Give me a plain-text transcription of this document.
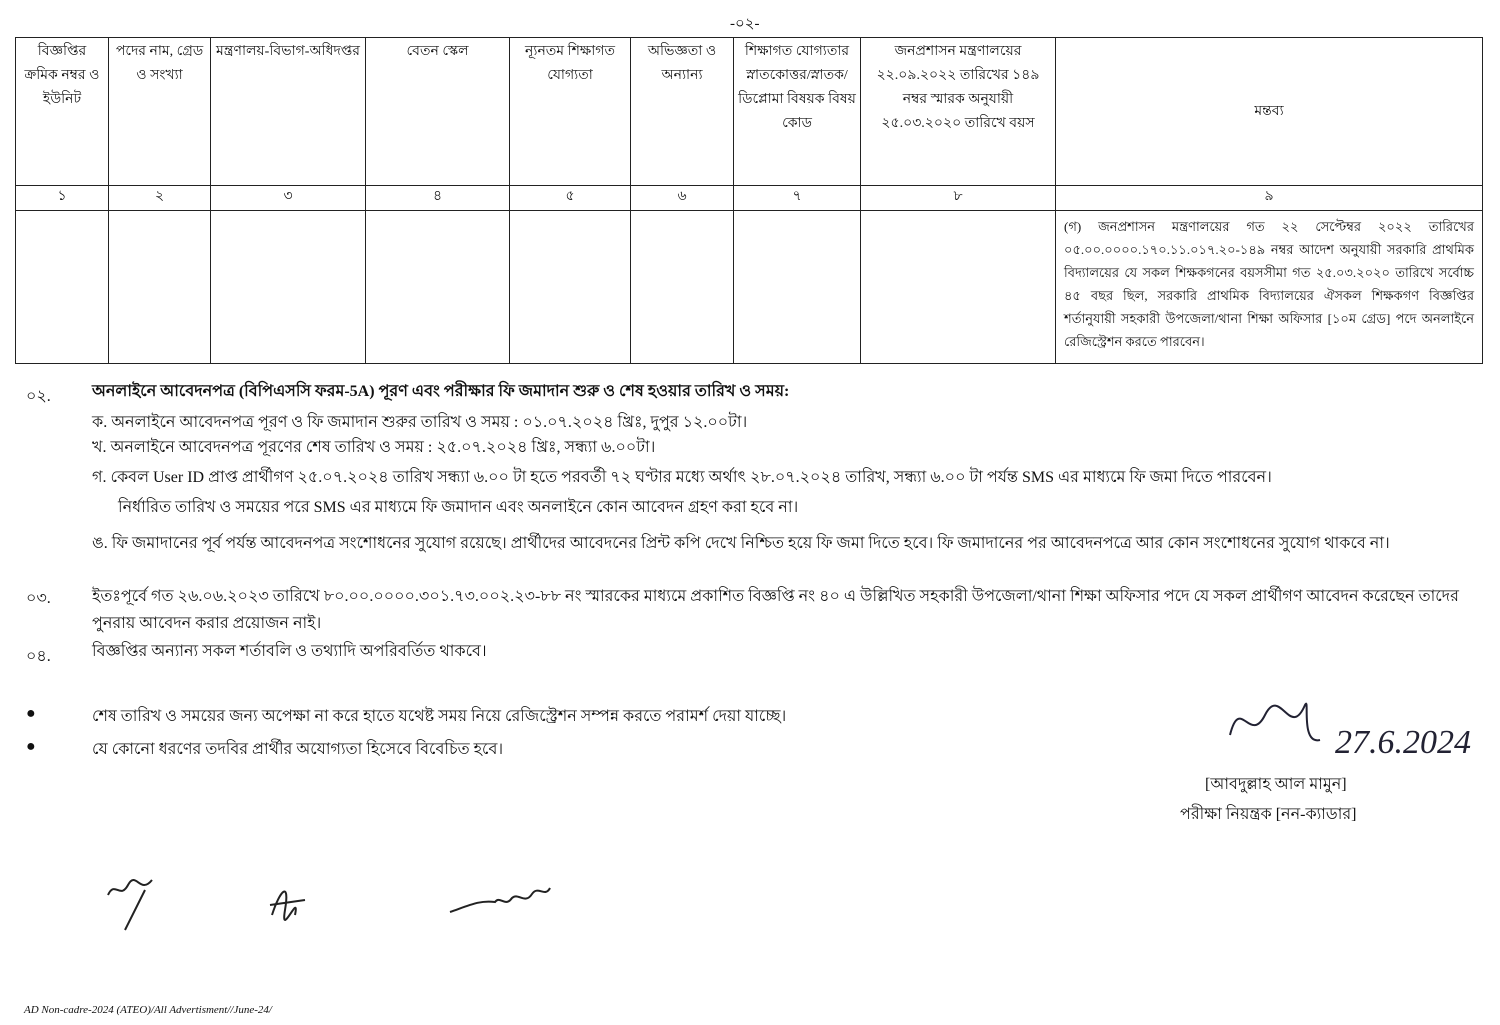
-০২-
বিজ্ঞপ্তির ক্রমিক নম্বর ও ইউনিট	পদের নাম, গ্রেড ও সংখ্যা	মন্ত্রণালয়-বিভাগ-অধিদপ্তর	বেতন স্কেল	ন্যূনতম শিক্ষাগত যোগ্যতা	অভিজ্ঞতা ও অন্যান্য	শিক্ষাগত যোগ্যতার স্নাতকোত্তর/স্নাতক/ডিপ্লোমা বিষয়ক বিষয় কোড	জনপ্রশাসন মন্ত্রণালয়ের ২২.০৯.২০২২ তারিখের ১৪৯ নম্বর স্মারক অনুযায়ী ২৫.০৩.২০২০ তারিখে বয়স	মন্তব্য
১	২	৩	৪	৫	৬	৭	৮	৯
								(গ) জনপ্রশাসন মন্ত্রণালয়ের গত ২২ সেপ্টেম্বর ২০২২ তারিখের ০৫.০০.০০০০.১৭০.১১.০১৭.২০-১৪৯ নম্বর আদেশ অনুযায়ী সরকারি প্রাথমিক বিদ্যালয়ের যে সকল শিক্ষকগনের বয়সসীমা গত ২৫.০৩.২০২০ তারিখে সর্বোচ্চ ৪৫ বছর ছিল, সরকারি প্রাথমিক বিদ্যালয়ের ঐসকল শিক্ষকগণ বিজ্ঞপ্তির শর্তানুযায়ী সহকারী উপজেলা/থানা শিক্ষা অফিসার [১০ম গ্রেড] পদে অনলাইনে রেজিস্ট্রেশন করতে পারবেন।
০২.	অনলাইনে আবেদনপত্র (বিপিএসসি ফরম-5A) পূরণ এবং পরীক্ষার ফি জমাদান শুরু ও শেষ হওয়ার তারিখ ও সময়:
ক. অনলাইনে আবেদনপত্র পূরণ ও ফি জমাদান শুরুর তারিখ ও সময় : ০১.০৭.২০২৪ খ্রিঃ, দুপুর ১২.০০টা।
খ. অনলাইনে আবেদনপত্র পূরণের শেষ তারিখ ও সময় : ২৫.০৭.২০২৪ খ্রিঃ, সন্ধ্যা ৬.০০টা।
গ. কেবল User ID প্রাপ্ত প্রার্থীগণ ২৫.০৭.২০২৪ তারিখ সন্ধ্যা ৬.০০ টা হতে পরবর্তী ৭২ ঘণ্টার মধ্যে অর্থাৎ ২৮.০৭.২০২৪ তারিখ, সন্ধ্যা ৬.০০ টা পর্যন্ত SMS এর মাধ্যমে ফি জমা দিতে পারবেন।
নির্ধারিত তারিখ ও সময়ের পরে SMS এর মাধ্যমে ফি জমাদান এবং অনলাইনে কোন আবেদন গ্রহণ করা হবে না।
ঙ. ফি জমাদানের পূর্ব পর্যন্ত আবেদনপত্র সংশোধনের সুযোগ রয়েছে। প্রার্থীদের আবেদনের প্রিন্ট কপি দেখে নিশ্চিত হয়ে ফি জমা দিতে হবে। ফি জমাদানের পর আবেদনপত্রে আর কোন সংশোধনের সুযোগ থাকবে না।
০৩.	ইতঃপূর্বে গত ২৬.০৬.২০২৩ তারিখে ৮০.০০.০০০০.৩০১.৭৩.০০২.২৩-৮৮ নং স্মারকের মাধ্যমে প্রকাশিত বিজ্ঞপ্তি নং ৪০ এ উল্লিখিত সহকারী উপজেলা/থানা শিক্ষা অফিসার পদে যে সকল প্রার্থীগণ আবেদন করেছেন তাদের পুনরায় আবেদন করার প্রয়োজন নাই।
০৪.	বিজ্ঞপ্তির অন্যান্য সকল শর্তাবলি ও তথ্যাদি অপরিবর্তিত থাকবে।
●	শেষ তারিখ ও সময়ের জন্য অপেক্ষা না করে হাতে যথেষ্ট সময় নিয়ে রেজিস্ট্রেশন সম্পন্ন করতে পরামর্শ দেয়া যাচ্ছে।
●	যে কোনো ধরণের তদবির প্রার্থীর অযোগ্যতা হিসেবে বিবেচিত হবে।	27.6.2024
[আবদুল্লাহ আল মামুন]
পরীক্ষা নিয়ন্ত্রক [নন-ক্যাডার]
AD Non-cadre-2024 (ATEO)/All Advertisment//June-24/
